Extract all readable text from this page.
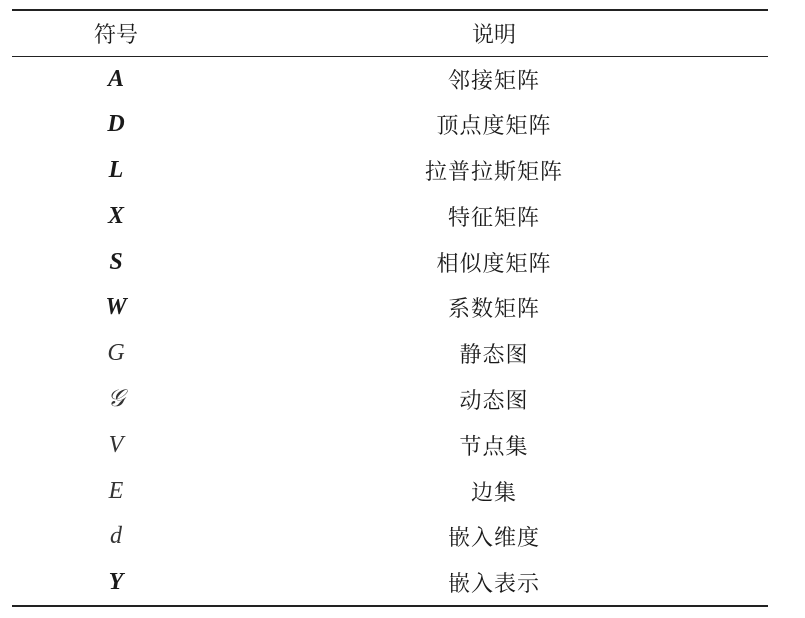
符号	说明
A	邻接矩阵
D	顶点度矩阵
L	拉普拉斯矩阵
X	特征矩阵
S	相似度矩阵
W	系数矩阵
G	静态图
𝒢	动态图
V	节点集
E	边集
d	嵌入维度
Y	嵌入表示
